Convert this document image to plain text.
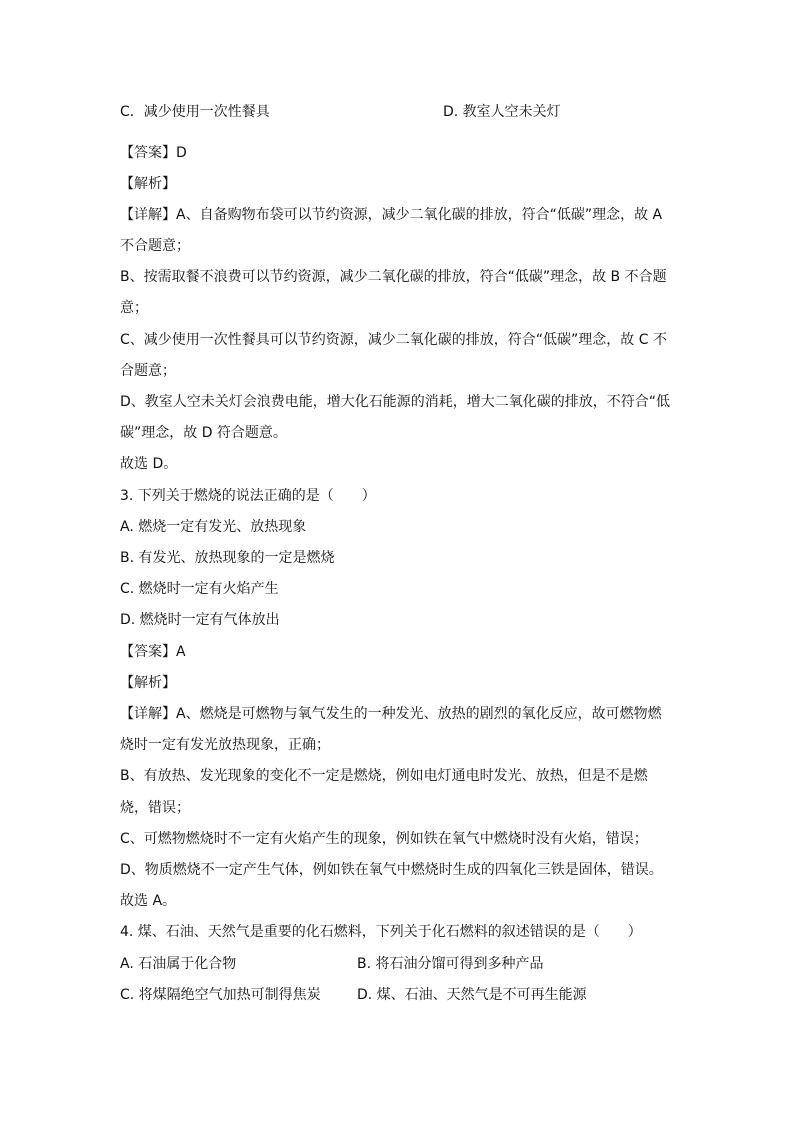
C．减少使用一次性餐具	D. 教室人空未关灯
【答案】D
【解析】
【详解】A、自备购物布袋可以节约资源，减少二氧化碳的排放，符合“低碳”理念，故 A
不合题意；
B、按需取餐不浪费可以节约资源，减少二氧化碳的排放，符合“低碳”理念，故 B 不合题
意；
C、减少使用一次性餐具可以节约资源，减少二氧化碳的排放，符合“低碳”理念，故 C 不
合题意；
D、教室人空未关灯会浪费电能，增大化石能源的消耗，增大二氧化碳的排放，不符合“低
碳”理念，故 D 符合题意。
故选 D。
3. 下列关于燃烧的说法正确的是（　　）
A. 燃烧一定有发光、放热现象
B. 有发光、放热现象的一定是燃烧
C. 燃烧时一定有火焰产生
D. 燃烧时一定有气体放出
【答案】A
【解析】
【详解】A、燃烧是可燃物与氧气发生的一种发光、放热的剧烈的氧化反应，故可燃物燃
烧时一定有发光放热现象，正确；
B、有放热、发光现象的变化不一定是燃烧，例如电灯通电时发光、放热，但是不是燃
烧，错误；
C、可燃物燃烧时不一定有火焰产生的现象，例如铁在氧气中燃烧时没有火焰，错误；
D、物质燃烧不一定产生气体，例如铁在氧气中燃烧时生成的四氧化三铁是固体，错误。
故选 A。
4. 煤、石油、天然气是重要的化石燃料，下列关于化石燃料的叙述错误的是（　　）
A. 石油属于化合物	B. 将石油分馏可得到多种产品
C. 将煤隔绝空气加热可制得焦炭	D. 煤、石油、天然气是不可再生能源
